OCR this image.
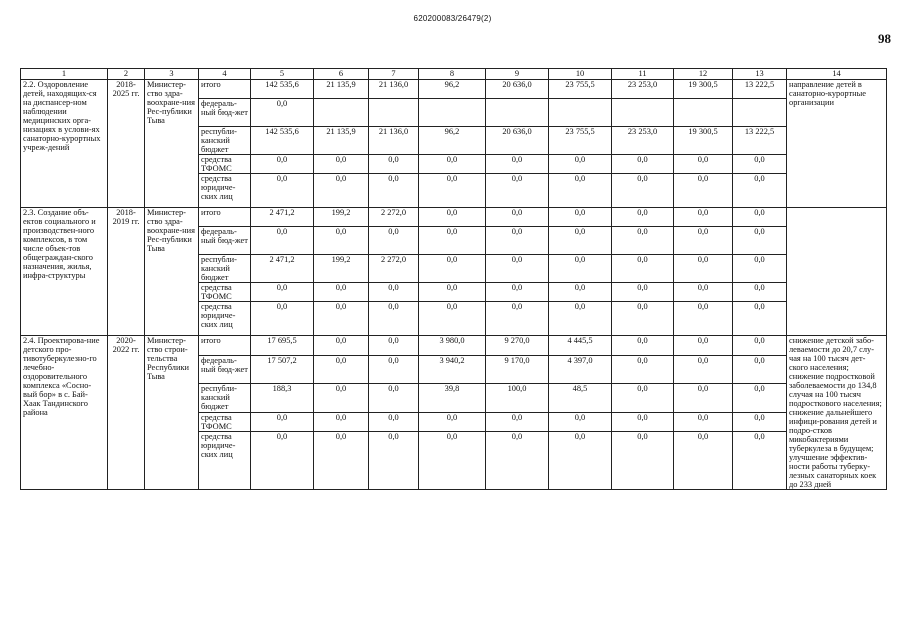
620200083/26479(2)
98
1	2	3	4	5	6	7	8	9	10	11	12	13	14
2.2. Оздоровление детей, находящих-ся на диспансер-ном наблюдении медицинских орга-низациях в услови-ях санаторно-курортных учреж-дений	2018-2025 гг.	Министер-ство здра-воохране-ния Рес-публики Тыва	итого	142 535,6	21 135,9	21 136,0	96,2	20 636,0	23 755,5	23 253,0	19 300,5	13 222,5	направление детей в санаторно-курортные организации
			федераль-ный бюд-жет	0,0									
			республи-канский бюджет	142 535,6	21 135,9	21 136,0	96,2	20 636,0	23 755,5	23 253,0	19 300,5	13 222,5	
			средства ТФОМС	0,0	0,0	0,0	0,0	0,0	0,0	0,0	0,0	0,0	
			средства юридиче-ских лиц	0,0	0,0	0,0	0,0	0,0	0,0	0,0	0,0	0,0	
2.3. Создание объ-ектов социального и производствен-ного комплексов, в том числе объек-тов общеграждан-ского назначения, жилья, инфра-структуры	2018-2019 гг.	Министер-ство здра-воохране-ния Рес-публики Тыва	итого	2 471,2	199,2	2 272,0	0,0	0,0	0,0	0,0	0,0	0,0	
			федераль-ный бюд-жет	0,0	0,0	0,0	0,0	0,0	0,0	0,0	0,0	0,0	
			республи-канский бюджет	2 471,2	199,2	2 272,0	0,0	0,0	0,0	0,0	0,0	0,0	
			средства ТФОМС	0,0	0,0	0,0	0,0	0,0	0,0	0,0	0,0	0,0	
			средства юридиче-ских лиц	0,0	0,0	0,0	0,0	0,0	0,0	0,0	0,0	0,0	
2.4. Проектирова-ние детского про-тивотуберкулезно-го лечебно-оздоровительного комплекса «Сосно-вый бор» в с. Бай-Хаак Тандинского района	2020-2022 гг.	Министер-ство строи-тельства Республики Тыва	итого	17 695,5	0,0	0,0	3 980,0	9 270,0	4 445,5	0,0	0,0	0,0	снижение детской забо-леваемости до 20,7 слу-чая на 100 тысяч дет-ского населения; снижение подростковой заболеваемости до 134,8 случая на 100 тысяч подросткового населения; снижение дальнейшего инфици-рования детей и подро-стков микобактериями туберкулеза в будущем; улучшение эффектив-ности работы туберку-лезных санаторных коек до 233 дней
			федераль-ный бюд-жет	17 507,2	0,0	0,0	3 940,2	9 170,0	4 397,0	0,0	0,0	0,0	
			республи-канский бюджет	188,3	0,0	0,0	39,8	100,0	48,5	0,0	0,0	0,0	
			средства ТФОМС	0,0	0,0	0,0	0,0	0,0	0,0	0,0	0,0	0,0	
			средства юридиче-ских лиц	0,0	0,0	0,0	0,0	0,0	0,0	0,0	0,0	0,0	
